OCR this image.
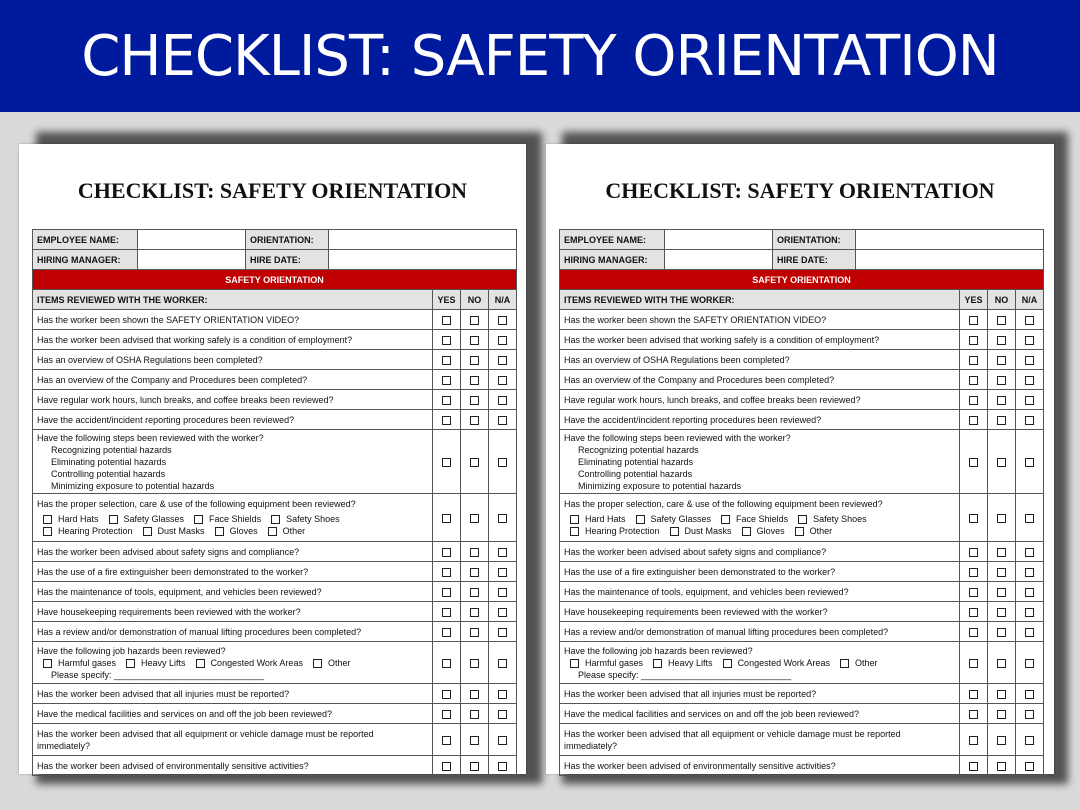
CHECKLIST: SAFETY ORIENTATION
CHECKLIST: SAFETY ORIENTATION
EMPLOYEE NAME:		ORIENTATION:	
HIRING MANAGER:		HIRE DATE:	
SAFETY ORIENTATION			
ITEMS REVIEWED WITH THE WORKER:	YES	NO	N/A
Has the worker been shown the SAFETY ORIENTATION VIDEO?			
Has the worker been advised that working safely is a condition of employment?			
Has an overview of OSHA Regulations been completed?			
Has an overview of the Company and Procedures been completed?			
Have regular work hours, lunch breaks, and coffee breaks been reviewed?			
Have the accident/incident reporting procedures been reviewed?			

Have the following steps been reviewed with the worker?
Recognizing potential hazards
Eliminating potential hazards
Controlling potential hazards
Minimizing exposure to potential hazards			

Has the proper selection, care & use of the following equipment been reviewed?
Hard Hats Safety Glasses Face Shields Safety Shoes
Hearing Protection Dust Masks Gloves Other			

Has the worker been advised about safety signs and compliance?			
Has the use of a fire extinguisher been demonstrated to the worker?			
Has the maintenance of tools, equipment, and vehicles been reviewed?			
Have housekeeping requirements been reviewed with the worker?			
Has a review and/or demonstration of manual lifting procedures been completed?			

Have the following job hazards been reviewed?
Harmful gases Heavy Lifts Congested Work Areas Other
Please specify: ______________________________			

Has the worker been advised that all injuries must be reported?			
Have the medical facilities and services on and off the job been reviewed?			

Has the worker been advised that all equipment or vehicle damage must be reported
immediately?			

Has the worker been advised of environmentally sensitive activities?			
CHECKLIST: SAFETY ORIENTATION
EMPLOYEE NAME:		ORIENTATION:	
HIRING MANAGER:		HIRE DATE:	
SAFETY ORIENTATION			
ITEMS REVIEWED WITH THE WORKER:	YES	NO	N/A
Has the worker been shown the SAFETY ORIENTATION VIDEO?			
Has the worker been advised that working safely is a condition of employment?			
Has an overview of OSHA Regulations been completed?			
Has an overview of the Company and Procedures been completed?			
Have regular work hours, lunch breaks, and coffee breaks been reviewed?			
Have the accident/incident reporting procedures been reviewed?			

Have the following steps been reviewed with the worker?
Recognizing potential hazards
Eliminating potential hazards
Controlling potential hazards
Minimizing exposure to potential hazards			

Has the proper selection, care & use of the following equipment been reviewed?
Hard Hats Safety Glasses Face Shields Safety Shoes
Hearing Protection Dust Masks Gloves Other			

Has the worker been advised about safety signs and compliance?			
Has the use of a fire extinguisher been demonstrated to the worker?			
Has the maintenance of tools, equipment, and vehicles been reviewed?			
Have housekeeping requirements been reviewed with the worker?			
Has a review and/or demonstration of manual lifting procedures been completed?			

Have the following job hazards been reviewed?
Harmful gases Heavy Lifts Congested Work Areas Other
Please specify: ______________________________			

Has the worker been advised that all injuries must be reported?			
Have the medical facilities and services on and off the job been reviewed?			

Has the worker been advised that all equipment or vehicle damage must be reported
immediately?			

Has the worker been advised of environmentally sensitive activities?			
